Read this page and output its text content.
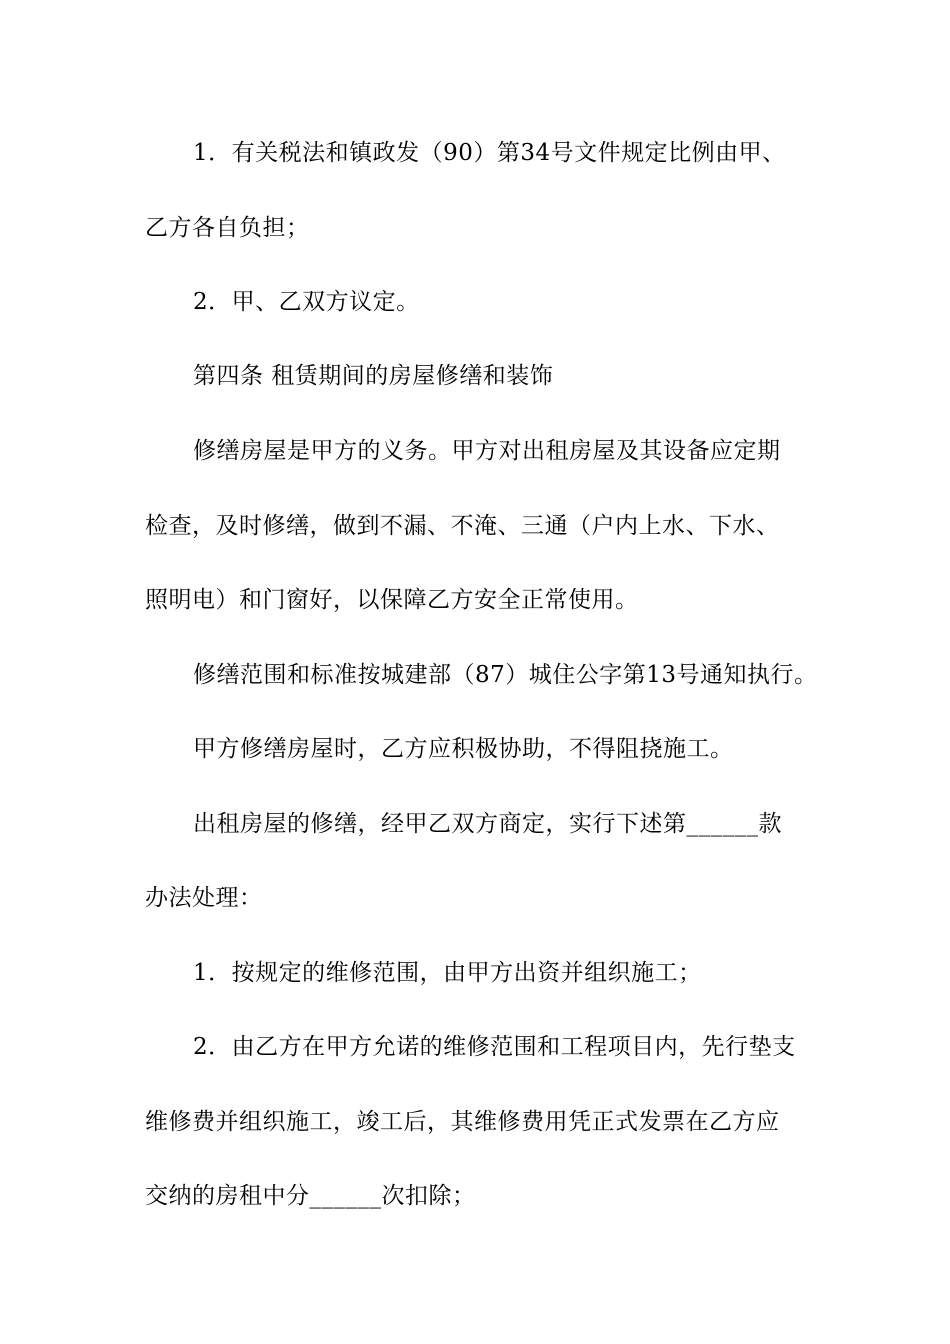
1．有关税法和镇政发（90）第34号文件规定比例由甲、
乙方各自负担；
2．甲、乙双方议定。
第四条 租赁期间的房屋修缮和装饰
修缮房屋是甲方的义务。甲方对出租房屋及其设备应定期
检查，及时修缮，做到不漏、不淹、三通（户内上水、下水、
照明电）和门窗好，以保障乙方安全正常使用。
修缮范围和标准按城建部（87）城住公字第13号通知执行。
甲方修缮房屋时，乙方应积极协助，不得阻挠施工。
出租房屋的修缮，经甲乙双方商定，实行下述第______款
办法处理：
1．按规定的维修范围，由甲方出资并组织施工；
2．由乙方在甲方允诺的维修范围和工程项目内，先行垫支
维修费并组织施工，竣工后，其维修费用凭正式发票在乙方应
交纳的房租中分______次扣除；
